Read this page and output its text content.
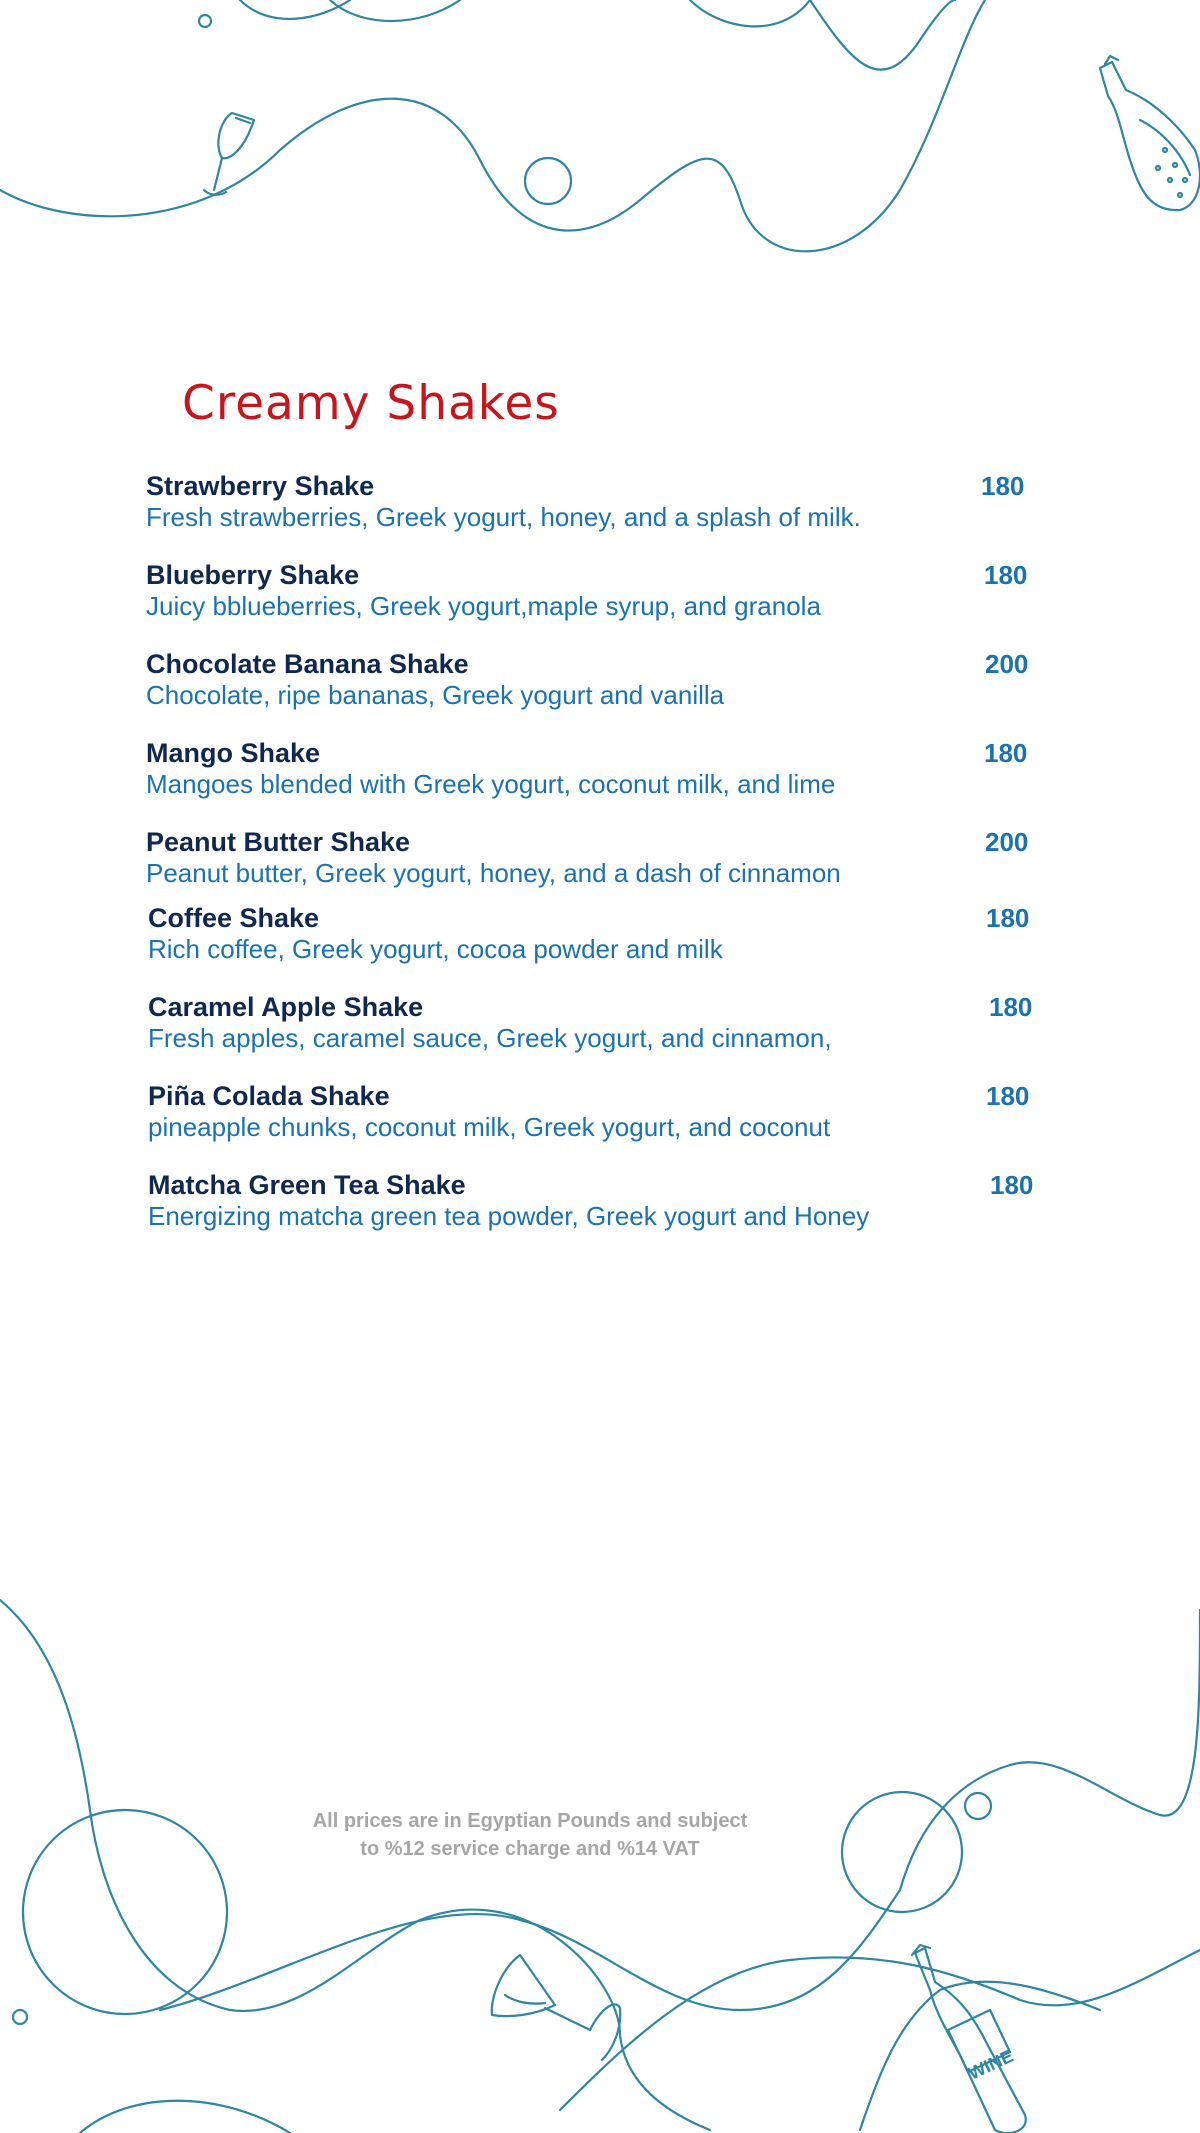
Creamy Shakes
Strawberry Shake
Fresh strawberries, Greek yogurt, honey, and a splash of milk.
180
Blueberry Shake
Juicy bblueberries, Greek yogurt,maple syrup, and granola
180
Chocolate Banana Shake
Chocolate, ripe bananas, Greek yogurt and vanilla
200
Mango Shake
Mangoes blended with Greek yogurt, coconut milk, and lime
180
Peanut Butter Shake
Peanut butter, Greek yogurt, honey, and a dash of cinnamon
200
Coffee Shake
Rich coffee, Greek yogurt, cocoa powder and milk
180
Caramel Apple Shake
Fresh apples, caramel sauce, Greek yogurt, and cinnamon,
180
Piña Colada Shake
pineapple chunks, coconut milk, Greek yogurt, and coconut
180
Matcha Green Tea Shake
Energizing matcha green tea powder, Greek yogurt and Honey
180
WINE
All prices are in Egyptian Pounds and subject
to %12 service charge and %14 VAT
